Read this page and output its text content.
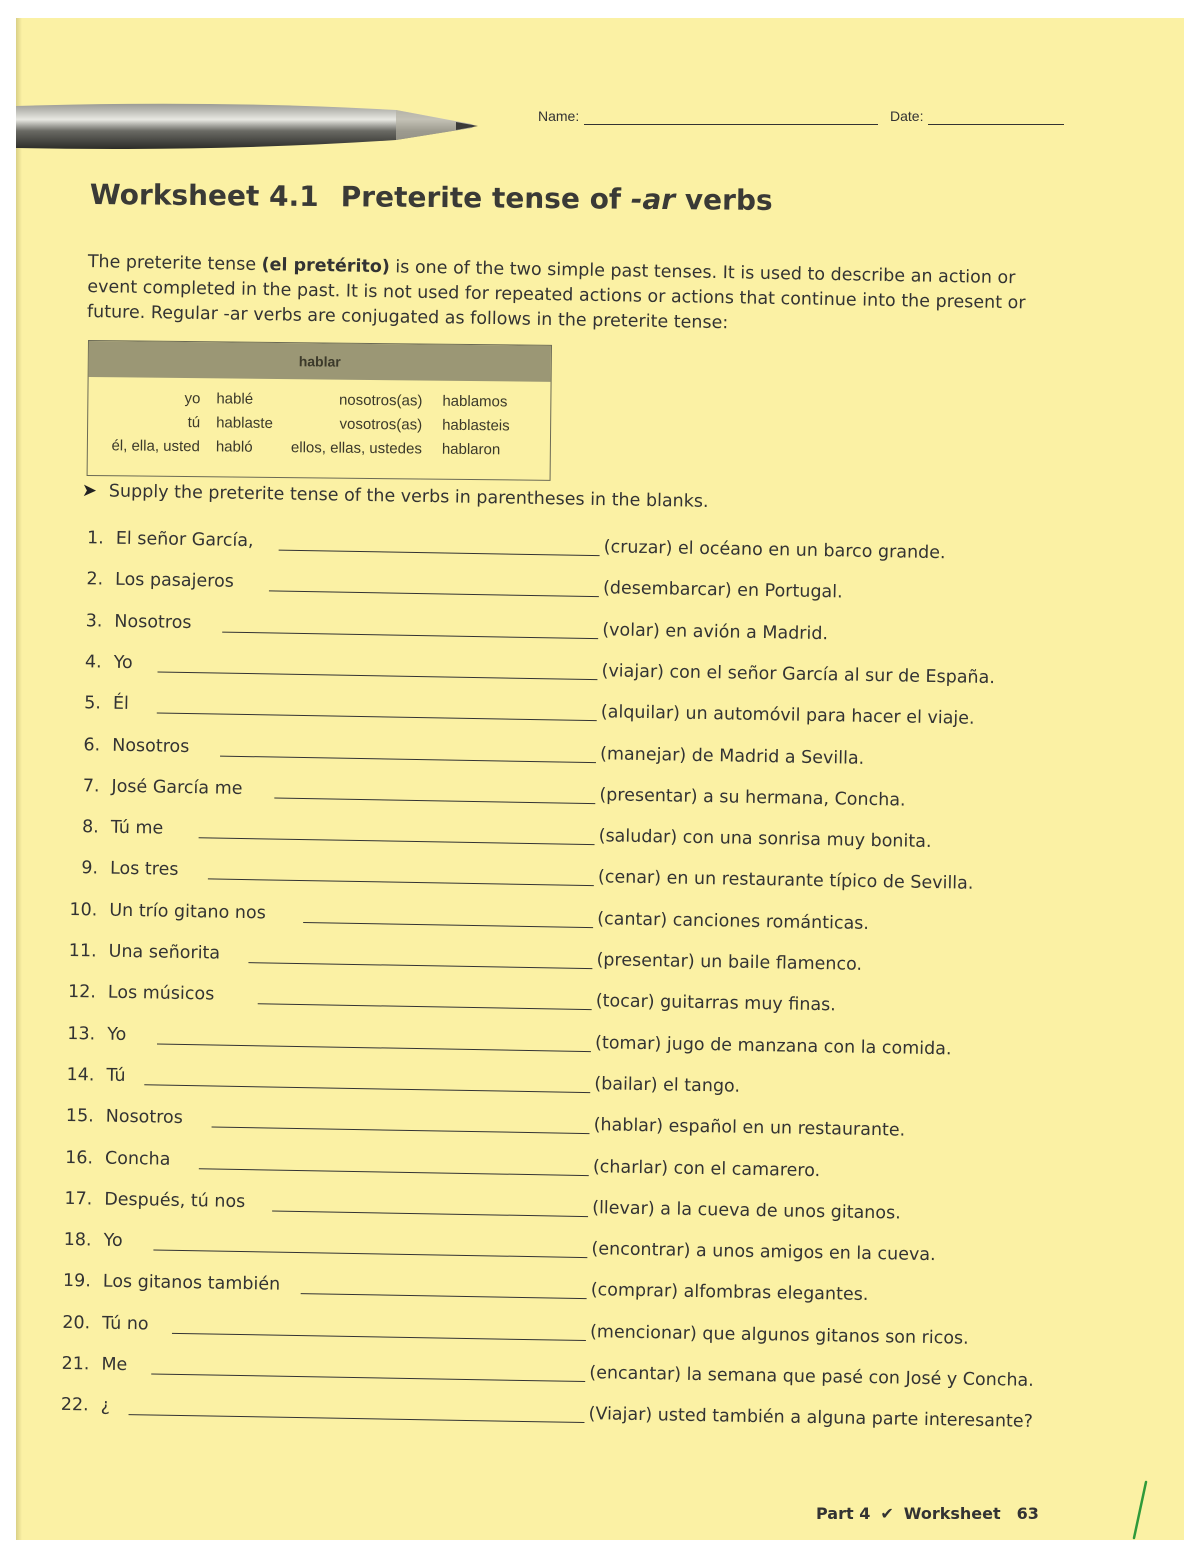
Name:	Date:
Worksheet 4.1 Preterite tense of -ar verbs
The preterite tense (el pretérito) is one of the two simple past tenses. It is used to describe an action or event completed in the past. It is not used for repeated actions or actions that continue into the present or future. Regular -ar verbs are conjugated as follows in the preterite tense:
hablar
yo hablé	nosotros(as) hablamos
tú hablaste	vosotros(as) hablasteis
él, ella, usted habló	ellos, ellas, ustedes hablaron
➤ Supply the preterite tense of the verbs in parentheses in the blanks.
1. El señor García,	(cruzar) el océano en un barco grande.
2. Los pasajeros	(desembarcar) en Portugal.
3. Nosotros	(volar) en avión a Madrid.
4. Yo	(viajar) con el señor García al sur de España.
5. Él	(alquilar) un automóvil para hacer el viaje.
6. Nosotros	(manejar) de Madrid a Sevilla.
7. José García me	(presentar) a su hermana, Concha.
8. Tú me	(saludar) con una sonrisa muy bonita.
9. Los tres	(cenar) en un restaurante típico de Sevilla.
10. Un trío gitano nos	(cantar) canciones románticas.
11. Una señorita	(presentar) un baile flamenco.
12. Los músicos	(tocar) guitarras muy finas.
13. Yo	(tomar) jugo de manzana con la comida.
14. Tú	(bailar) el tango.
15. Nosotros	(hablar) español en un restaurante.
16. Concha	(charlar) con el camarero.
17. Después, tú nos	(llevar) a la cueva de unos gitanos.
18. Yo	(encontrar) a unos amigos en la cueva.
19. Los gitanos también	(comprar) alfombras elegantes.
20. Tú no	(mencionar) que algunos gitanos son ricos.
21. Me	(encantar) la semana que pasé con José y Concha.
22. ¿	(Viajar) usted también a alguna parte interesante?
Part 4 ✔ Worksheet 63
